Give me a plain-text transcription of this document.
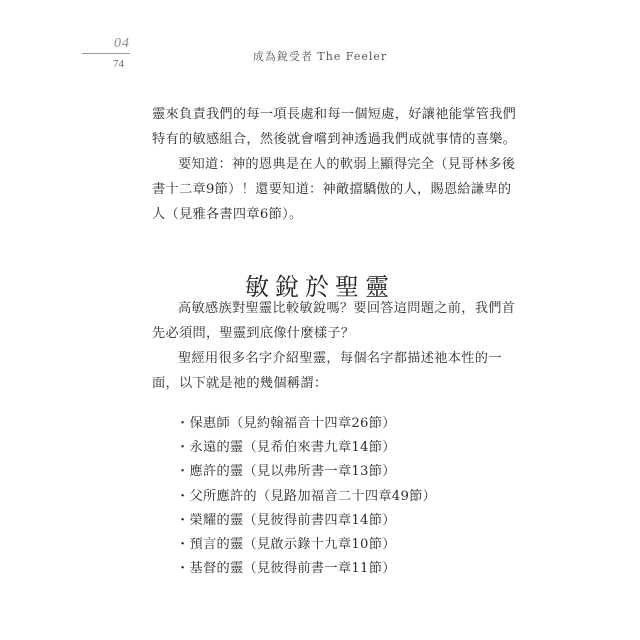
04
74
成為銳受者 The Feeler

靈來負責我們的每一項長處和每一個短處，好讓祂能掌管我們特有的敏感組合，然後就會嚐到神透過我們成就事情的喜樂。

要知道：神的恩典是在人的軟弱上顯得完全（見哥林多後書十二章9節）！還要知道：神敵擋驕傲的人，賜恩給謙卑的人（見雅各書四章6節）。

敏銳於聖靈

高敏感族對聖靈比較敏銳嗎？要回答這問題之前，我們首先必須問，聖靈到底像什麼樣子？

聖經用很多名字介紹聖靈，每個名字都描述祂本性的一面，以下就是祂的幾個稱謂：

・保惠師（見約翰福音十四章26節）
・永遠的靈（見希伯來書九章14節）
・應許的靈（見以弗所書一章13節）
・父所應許的（見路加福音二十四章49節）
・榮耀的靈（見彼得前書四章14節）
・預言的靈（見啟示錄十九章10節）
・基督的靈（見彼得前書一章11節）
